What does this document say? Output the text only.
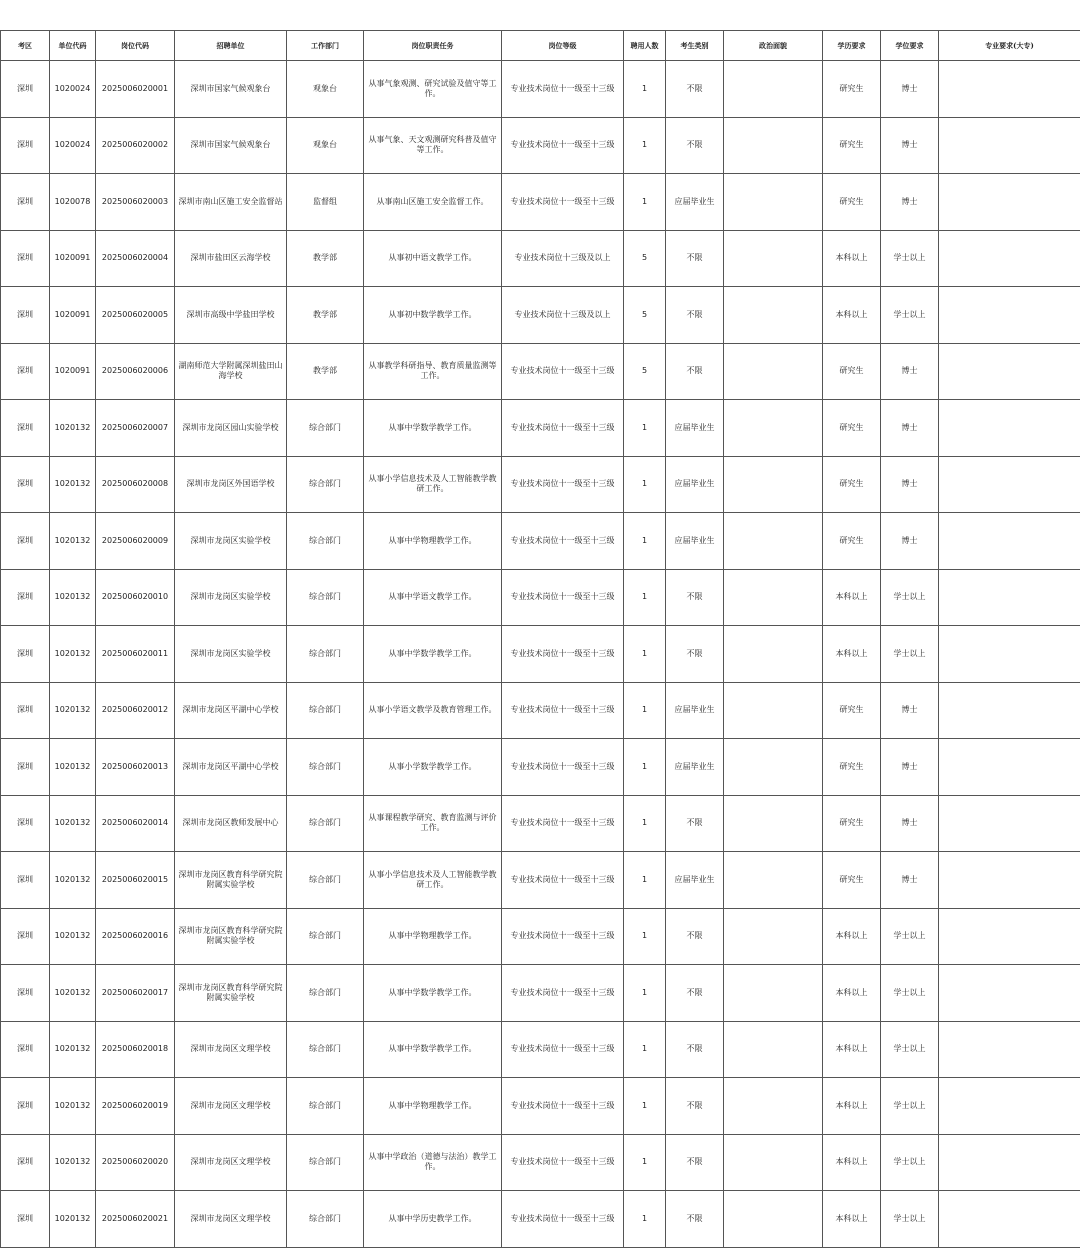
考区	单位代码	岗位代码	招聘单位	工作部门	岗位职责任务	岗位等级	聘用人数	考生类别	政治面貌	学历要求	学位要求	专业要求(大专)
深圳	1020024	2025006020001	深圳市国家气候观象台	观象台	从事气象观测、研究试验及值守等工作。	专业技术岗位十一级至十三级	1	不限		研究生	博士	
深圳	1020024	2025006020002	深圳市国家气候观象台	观象台	从事气象、天文观测研究科普及值守等工作。	专业技术岗位十一级至十三级	1	不限		研究生	博士	
深圳	1020078	2025006020003	深圳市南山区施工安全监督站	监督组	从事南山区施工安全监督工作。	专业技术岗位十一级至十三级	1	应届毕业生		研究生	博士	
深圳	1020091	2025006020004	深圳市盐田区云海学校	教学部	从事初中语文教学工作。	专业技术岗位十三级及以上	5	不限		本科以上	学士以上	
深圳	1020091	2025006020005	深圳市高级中学盐田学校	教学部	从事初中数学教学工作。	专业技术岗位十三级及以上	5	不限		本科以上	学士以上	
深圳	1020091	2025006020006	湖南师范大学附属深圳盐田山海学校	教学部	从事教学科研指导、教育质量监测等工作。	专业技术岗位十一级至十三级	5	不限		研究生	博士	
深圳	1020132	2025006020007	深圳市龙岗区园山实验学校	综合部门	从事中学数学教学工作。	专业技术岗位十一级至十三级	1	应届毕业生		研究生	博士	
深圳	1020132	2025006020008	深圳市龙岗区外国语学校	综合部门	从事小学信息技术及人工智能教学教研工作。	专业技术岗位十一级至十三级	1	应届毕业生		研究生	博士	
深圳	1020132	2025006020009	深圳市龙岗区实验学校	综合部门	从事中学物理教学工作。	专业技术岗位十一级至十三级	1	应届毕业生		研究生	博士	
深圳	1020132	2025006020010	深圳市龙岗区实验学校	综合部门	从事中学语文教学工作。	专业技术岗位十一级至十三级	1	不限		本科以上	学士以上	
深圳	1020132	2025006020011	深圳市龙岗区实验学校	综合部门	从事中学数学教学工作。	专业技术岗位十一级至十三级	1	不限		本科以上	学士以上	
深圳	1020132	2025006020012	深圳市龙岗区平湖中心学校	综合部门	从事小学语文教学及教育管理工作。	专业技术岗位十一级至十三级	1	应届毕业生		研究生	博士	
深圳	1020132	2025006020013	深圳市龙岗区平湖中心学校	综合部门	从事小学数学教学工作。	专业技术岗位十一级至十三级	1	应届毕业生		研究生	博士	
深圳	1020132	2025006020014	深圳市龙岗区教师发展中心	综合部门	从事课程教学研究、教育监测与评价工作。	专业技术岗位十一级至十三级	1	不限		研究生	博士	
深圳	1020132	2025006020015	深圳市龙岗区教育科学研究院附属实验学校	综合部门	从事小学信息技术及人工智能教学教研工作。	专业技术岗位十一级至十三级	1	应届毕业生		研究生	博士	
深圳	1020132	2025006020016	深圳市龙岗区教育科学研究院附属实验学校	综合部门	从事中学物理教学工作。	专业技术岗位十一级至十三级	1	不限		本科以上	学士以上	
深圳	1020132	2025006020017	深圳市龙岗区教育科学研究院附属实验学校	综合部门	从事中学数学教学工作。	专业技术岗位十一级至十三级	1	不限		本科以上	学士以上	
深圳	1020132	2025006020018	深圳市龙岗区文理学校	综合部门	从事中学数学教学工作。	专业技术岗位十一级至十三级	1	不限		本科以上	学士以上	
深圳	1020132	2025006020019	深圳市龙岗区文理学校	综合部门	从事中学物理教学工作。	专业技术岗位十一级至十三级	1	不限		本科以上	学士以上	
深圳	1020132	2025006020020	深圳市龙岗区文理学校	综合部门	从事中学政治（道德与法治）教学工作。	专业技术岗位十一级至十三级	1	不限		本科以上	学士以上	
深圳	1020132	2025006020021	深圳市龙岗区文理学校	综合部门	从事中学历史教学工作。	专业技术岗位十一级至十三级	1	不限		本科以上	学士以上	
